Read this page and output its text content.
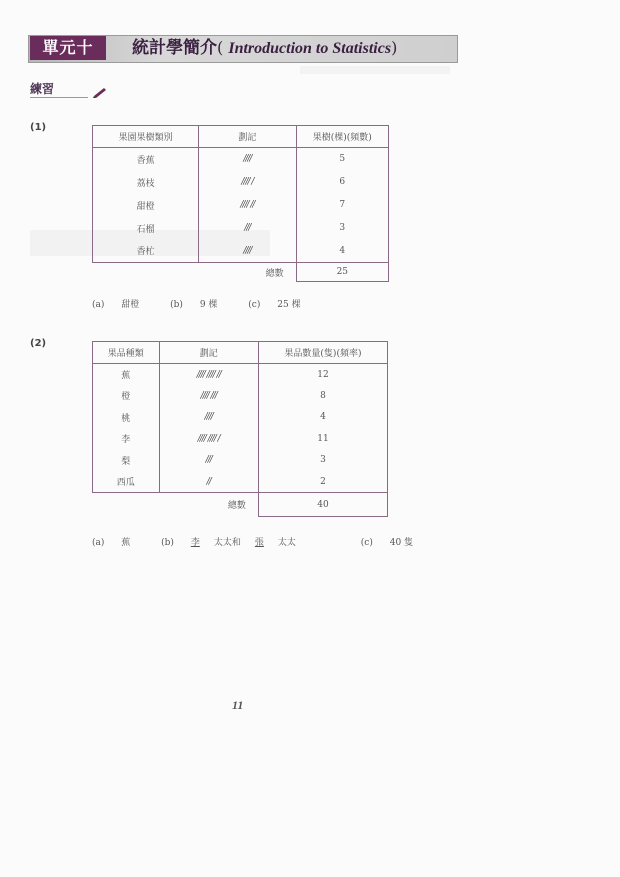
單元十	統計學簡介( Introduction to Statistics)
練習
(1)
果園果樹類別	劃記	果樹(棵)(頻數)
香蕉	////	5
荔枝	//// /	6
甜橙	//// //	7
石榴	///	3
香杧	////	4
	總數	25
(a) 甜橙	(b) 9 棵	(c) 25 棵
(2)
果品種類	劃記	果品數量(隻)(頻率)
蕉	//// //// //	12
橙	//// ///	8
桃	////	4
李	//// //// /	11
梨	///	3
西瓜	//	2
	總數	40
(a) 蕉	(b) 李 太太和 張 太太	(c) 40 隻
11
